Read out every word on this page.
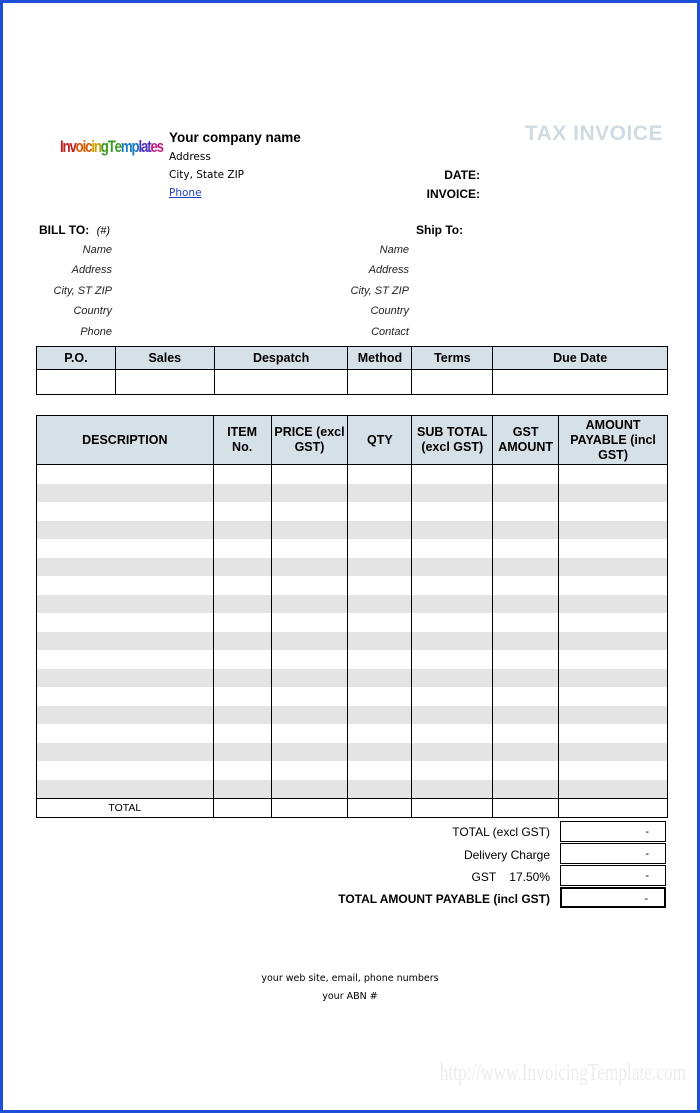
InvoicingTemplates Your company name
Address
City, State ZIP
Phone
TAX INVOICE
DATE:
INVOICE:
BILL TO: (#)
Name
Address
City, ST ZIP
Country
Phone
Ship To:
Name
Address
City, ST ZIP
Country
Contact
P.O.	Sales	Despatch	Method	Terms	Due Date

DESCRIPTION	ITEM No.	PRICE (excl GST)	QTY	SUB TOTAL (excl GST)	GST AMOUNT	AMOUNT PAYABLE (incl GST)

TOTAL						
TOTAL (excl GST)	-
Delivery Charge	-
GST 17.50%	-
TOTAL AMOUNT PAYABLE (incl GST)	-
your web site, email, phone numbers
your ABN #
http://www.InvoicingTemplate.com
